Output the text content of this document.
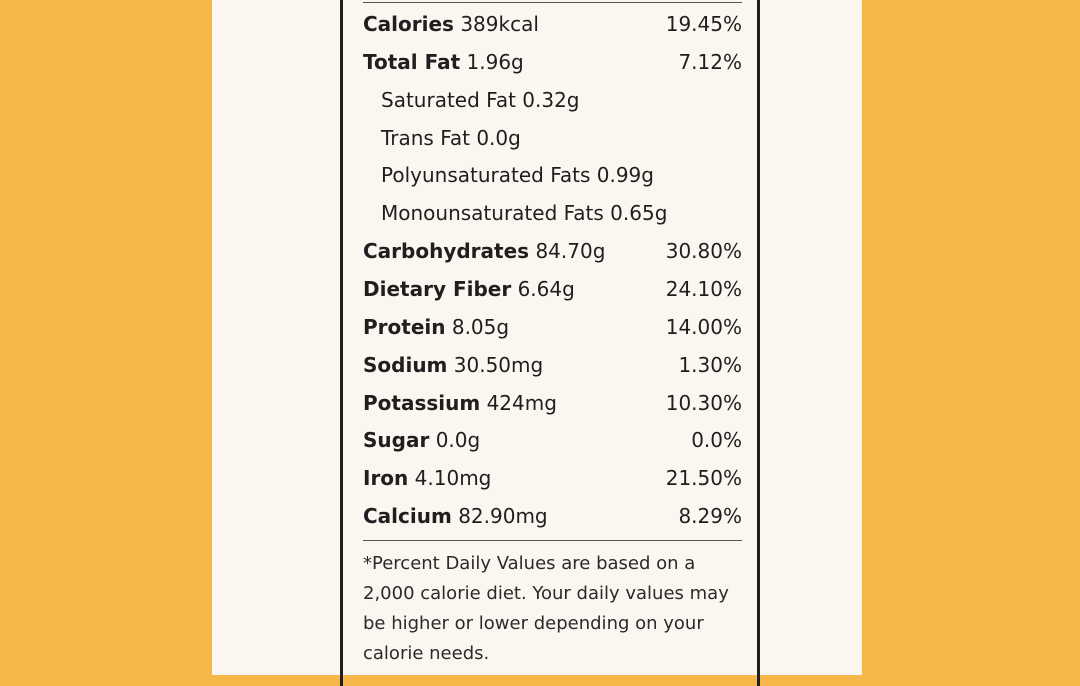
Calories 389kcal	19.45%
Total Fat 1.96g	7.12%
Saturated Fat 0.32g
Trans Fat 0.0g
Polyunsaturated Fats 0.99g
Monounsaturated Fats 0.65g
Carbohydrates 84.70g	30.80%
Dietary Fiber 6.64g	24.10%
Protein 8.05g	14.00%
Sodium 30.50mg	1.30%
Potassium 424mg	10.30%
Sugar 0.0g	0.0%
Iron 4.10mg	21.50%
Calcium 82.90mg	8.29%
*Percent Daily Values are based on a 2,000 calorie diet. Your daily values may be higher or lower depending on your calorie needs.
